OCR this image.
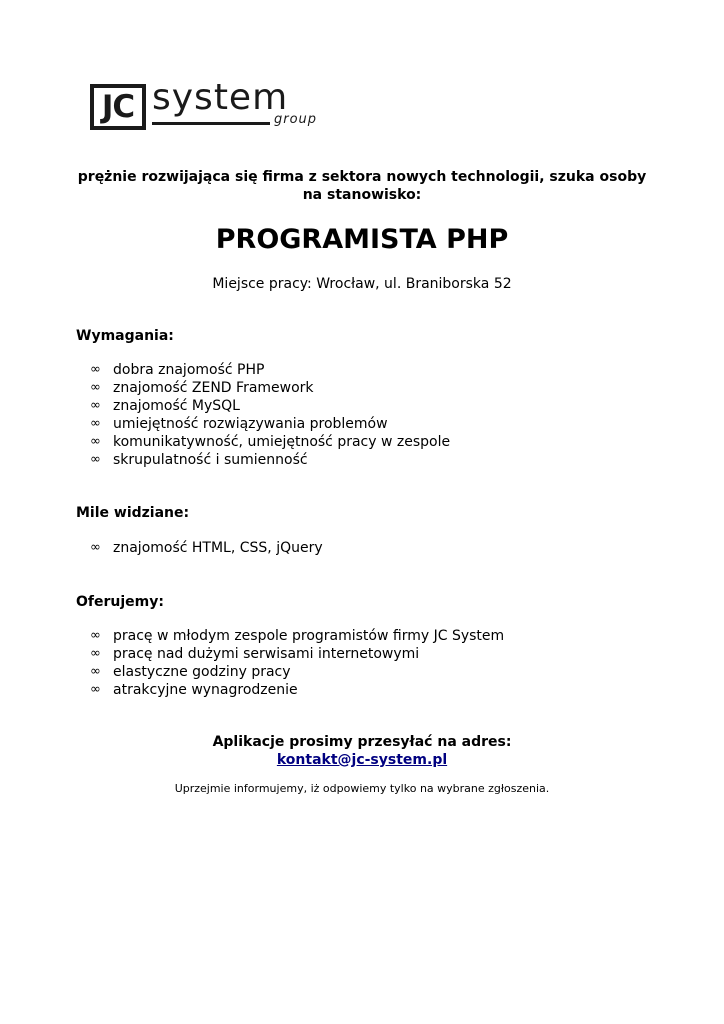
JC system
group
prężnie rozwijająca się firma z sektora nowych technologii, szuka osoby na stanowisko:
PROGRAMISTA PHP
Miejsce pracy: Wrocław, ul. Braniborska 52
Wymagania:
∞ dobra znajomość PHP
∞ znajomość ZEND Framework
∞ znajomość MySQL
∞ umiejętność rozwiązywania problemów
∞ komunikatywność, umiejętność pracy w zespole
∞ skrupulatność i sumienność
Mile widziane:
∞ znajomość HTML, CSS, jQuery
Oferujemy:
∞ pracę w młodym zespole programistów firmy JC System
∞ pracę nad dużymi serwisami internetowymi
∞ elastyczne godziny pracy
∞ atrakcyjne wynagrodzenie
Aplikacje prosimy przesyłać na adres:
kontakt@jc-system.pl
Uprzejmie informujemy, iż odpowiemy tylko na wybrane zgłoszenia.
